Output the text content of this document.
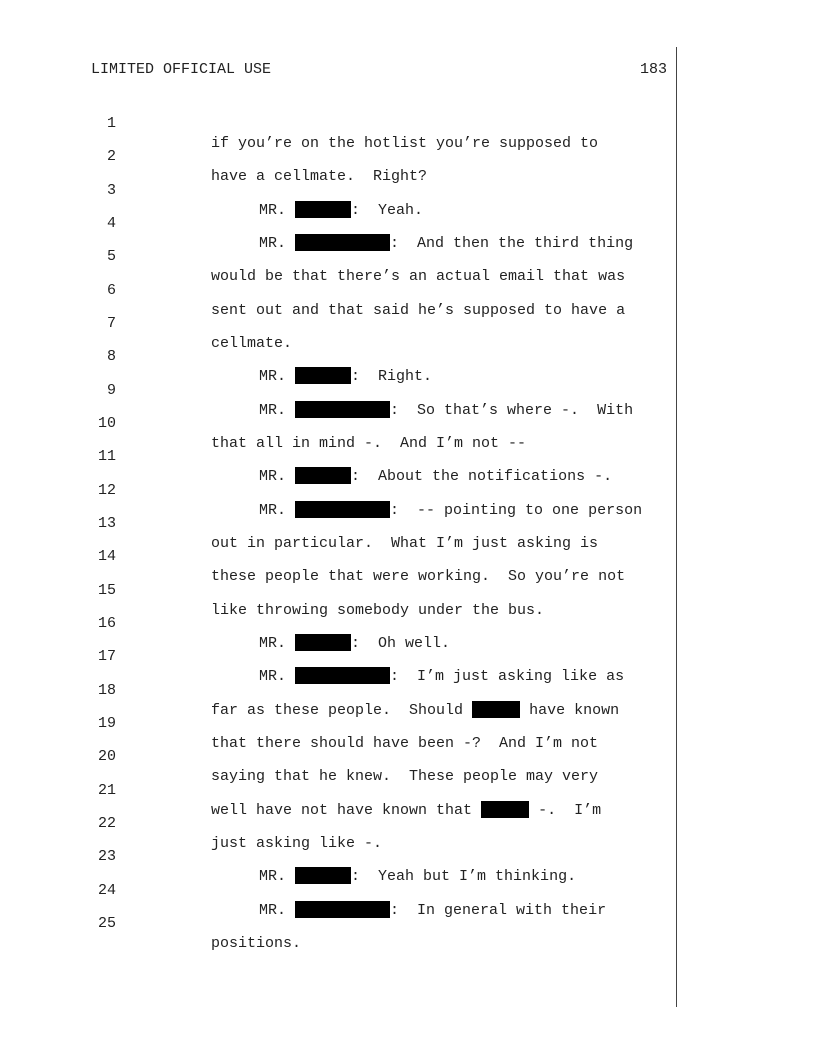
LIMITED OFFICIAL USE	183

1

if you’re on the hotlist you’re supposed to

2

have a cellmate.  Right?

3

MR.	:  Yeah.

4

MR.	:  And then the third thing

5

would be that there’s an actual email that was

6

sent out and that said he’s supposed to have a

7

cellmate.

8

MR.	:  Right.

9

MR.	:  So that’s where -.  With

10

that all in mind -.  And I’m not --

11

MR.	:  About the notifications -.

12

MR.	:  -- pointing to one person

13

out in particular.  What I’m just asking is

14

these people that were working.  So you’re not

15

like throwing somebody under the bus.

16

MR.	:  Oh well.

17

MR.	:  I’m just asking like as

18

far as these people.  Should	have known

19

that there should have been -?  And I’m not

20

saying that he knew.  These people may very

21

well have not have known that	-.  I’m

22

just asking like -.

23

MR.	:  Yeah but I’m thinking.

24

MR.	:  In general with their

25

positions.
